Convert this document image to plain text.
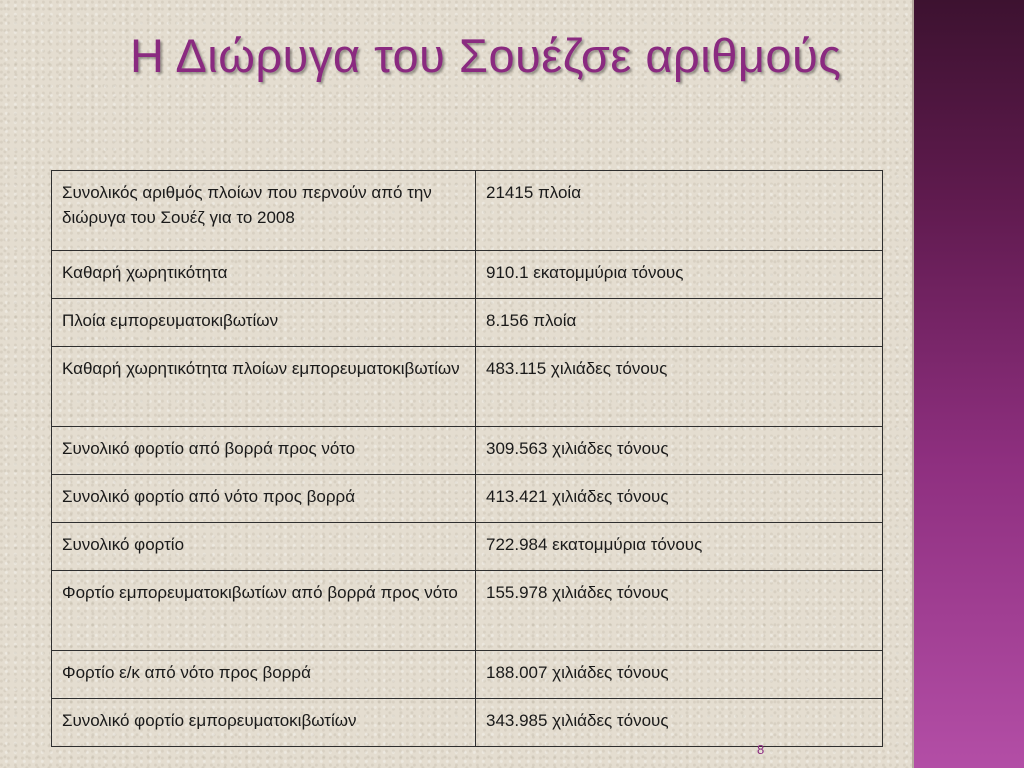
Η Διώρυγα του Σουέζσε αριθμούς
Συνολικός αριθμός πλοίων που περνούν από την διώρυγα του Σουέζ για το 2008	21415 πλοία
Καθαρή χωρητικότητα	910.1 εκατομμύρια τόνους
Πλοία εμπορευματοκιβωτίων	8.156 πλοία
Καθαρή χωρητικότητα πλοίων εμπορευματοκιβωτίων	483.115 χιλιάδες τόνους
Συνολικό φορτίο από βορρά προς νότο	309.563 χιλιάδες τόνους
Συνολικό φορτίο από νότο προς βορρά	413.421 χιλιάδες τόνους
Συνολικό φορτίο	722.984 εκατομμύρια τόνους
Φορτίο εμπορευματοκιβωτίων από βορρά προς νότο	155.978 χιλιάδες τόνους
Φορτίο ε/κ από νότο προς βορρά	188.007 χιλιάδες τόνους
Συνολικό φορτίο εμπορευματοκιβωτίων	343.985 χιλιάδες τόνους
8
